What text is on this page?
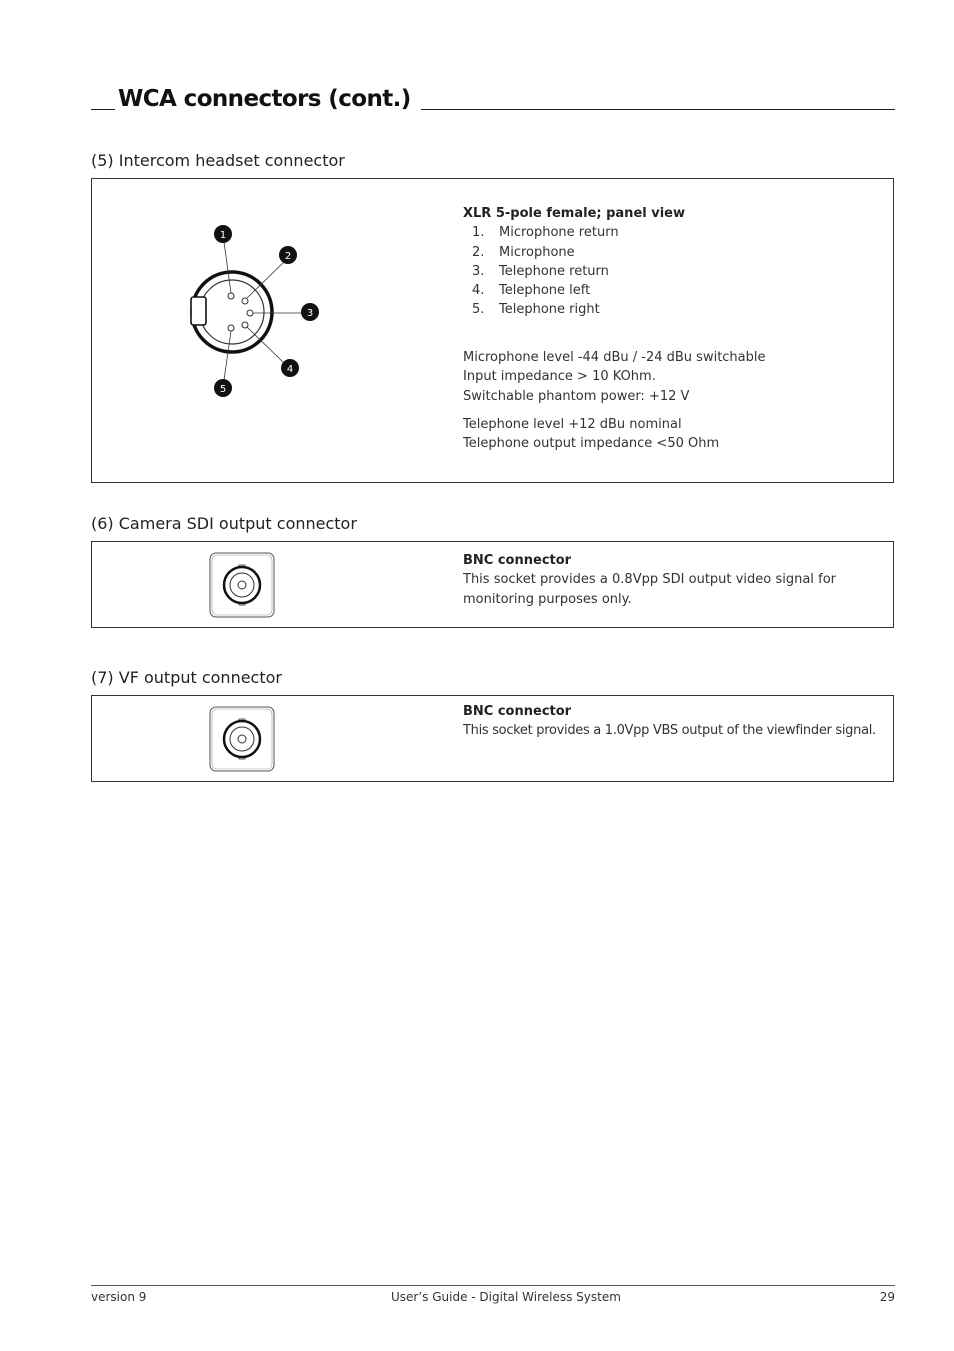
WCA connectors (cont.)
(5) Intercom headset connector
1
2
3
4
5
XLR 5-pole female; panel view
1. Microphone return
2. Microphone
3. Telephone return
4. Telephone left
5. Telephone right
Microphone level -44 dBu / -24 dBu switchable
Input impedance > 10 KOhm.
Switchable phantom power: +12 V
Telephone level +12 dBu nominal
Telephone output impedance <50 Ohm
(6) Camera SDI output connector
BNC connector
This socket provides a 0.8Vpp SDI output video signal for monitoring purposes only.
(7) VF output connector
BNC connector
This socket provides a 1.0Vpp VBS output of the viewfinder signal.
version 9	User’s Guide - Digital Wireless System	29
